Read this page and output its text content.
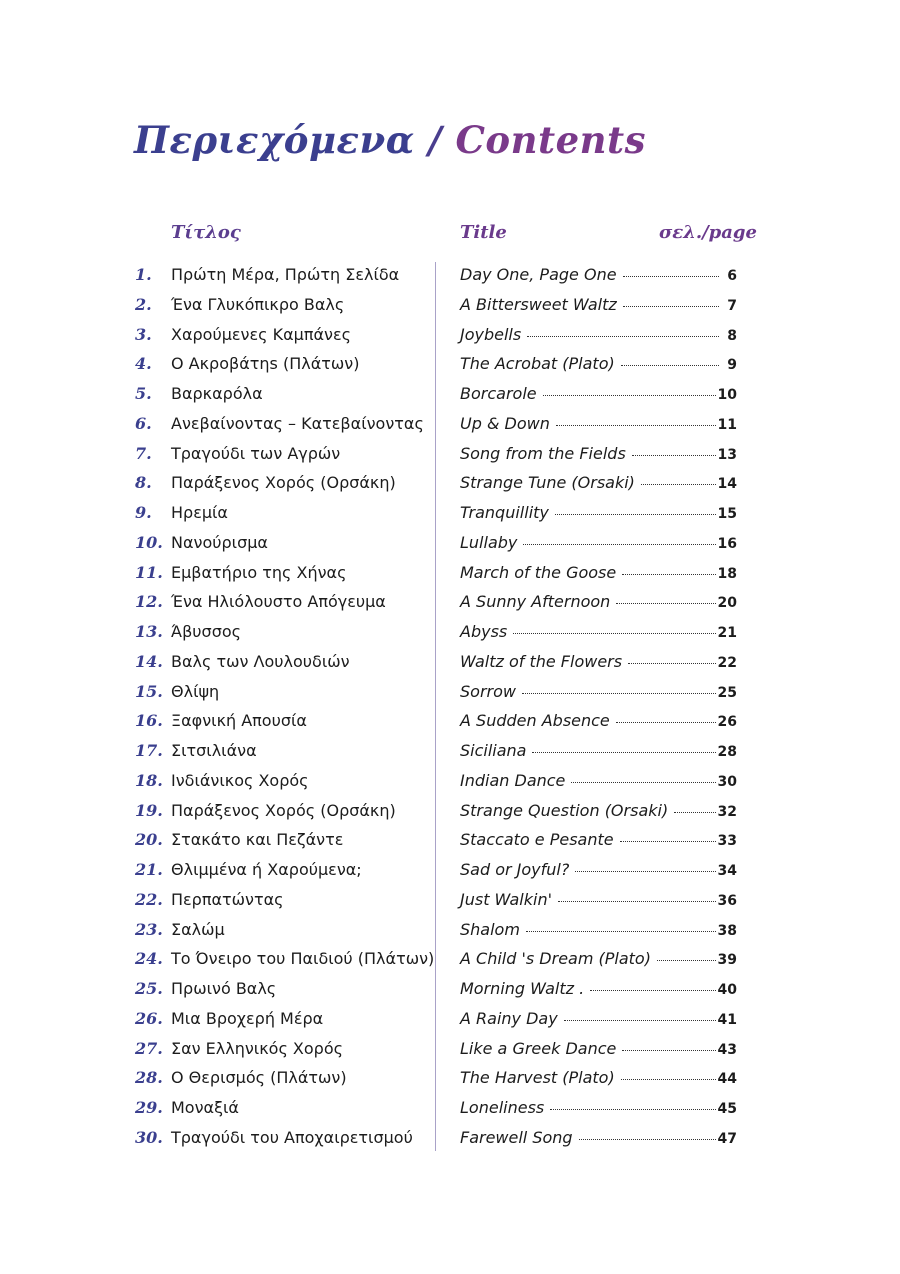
Περιεχόμενα / Contents
Τίτλος	Title	σελ./page
1.	Πρώτη Μέρα, Πρώτη Σελίδα	Day One, Page One	6
2.	Ένα Γλυκόπικρο Βαλς	A Bittersweet Waltz	7
3.	Χαρούμενες Καμπάνες	Joybells	8
4.	Ο Ακροβάτηs (Πλάτων)	The Acrobat (Plato)	9
5.	Βαρκαρόλα	Borcarole	10
6.	Ανεβαίνοντας – Κατεβαίνοντας Up & Down	11
7.	Τραγούδι των Αγρών	Song from the Fields	13
8.	Παράξενος Χορός (Ορσάκη)	Strange Tune (Orsaki)	14
9.	Ηρεμία	Tranquillity	15
10. Νανούρισμα	Lullaby	16
11. Εμβατήριο της Χήνας	March of the Goose	18
12. Ένα Ηλιόλουστο Απόγευμα	A Sunny Afternoon	20
13. Άβυσσος	Abyss	21
14. Βαλς των Λουλουδιών	Waltz of the Flowers	22
15. Θλίψη	Sorrow	25
16. Ξαφνική Απουσία	A Sudden Absence	26
17. Σιτσιλιάνα	Siciliana	28
18. Ινδιάνικος Χορός	Indian Dance	30
19. Παράξενος Χορός (Ορσάκη)	Strange Question (Orsaki)	32
20. Στακάτο και Πεζάντε	Staccato e Pesante	33
21. Θλιμμένα ή Χαρούμενα;	Sad or Joyful?	34
22. Περπατώντας	Just Walkin'	36
23. Σαλώμ	Shalom	38
24. Το Όνειρο του Παιδιού (Πλάτων) A Child 's Dream (Plato)	39
25. Πρωινό Βαλς	Morning Waltz .	40
26. Μια Βροχερή Μέρα	A Rainy Day	41
27. Σαν Ελληνικός Χορός	Like a Greek Dance	43
28. Ο Θερισμός (Πλάτων)	The Harvest (Plato)	44
29. Μοναξιά	Loneliness	45
30. Τραγούδι του Αποχαιρετισμού	Farewell Song	47
